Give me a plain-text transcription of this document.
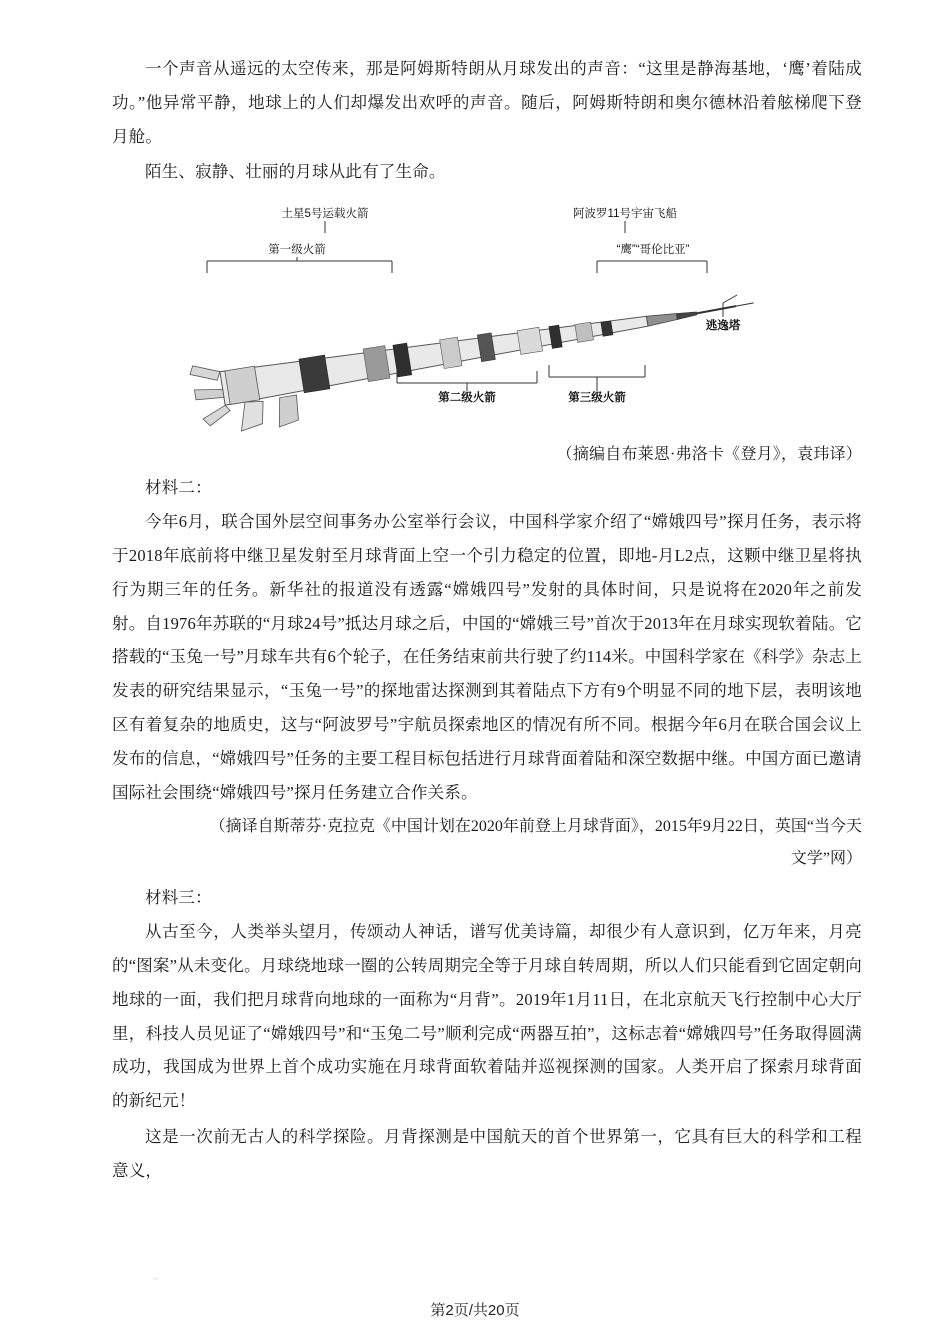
一个声音从遥远的太空传来，那是阿姆斯特朗从月球发出的声音：“这里是静海基地，‘鹰’着陆成功。”他异常平静，地球上的人们却爆发出欢呼的声音。随后，阿姆斯特朗和奥尔德林沿着舷梯爬下登月舱。

陌生、寂静、壮丽的月球从此有了生命。

土星5号运载火箭	阿波罗11号宇宙飞船
第一级火箭	“鹰”“哥伦比亚”
逃逸塔
第二级火箭	第三级火箭

（摘编自布莱恩·弗洛卡《登月》，袁玮译）

材料二：

今年6月，联合国外层空间事务办公室举行会议，中国科学家介绍了“嫦娥四号”探月任务，表示将于2018年底前将中继卫星发射至月球背面上空一个引力稳定的位置，即地-月L2点，这颗中继卫星将执行为期三年的任务。新华社的报道没有透露“嫦娥四号”发射的具体时间，只是说将在2020年之前发射。自1976年苏联的“月球24号”抵达月球之后，中国的“嫦娥三号”首次于2013年在月球实现软着陆。它搭载的“玉兔一号”月球车共有6个轮子，在任务结束前共行驶了约114米。中国科学家在《科学》杂志上发表的研究结果显示，“玉兔一号”的探地雷达探测到其着陆点下方有9个明显不同的地下层，表明该地区有着复杂的地质史，这与“阿波罗号”宇航员探索地区的情况有所不同。根据今年6月在联合国会议上发布的信息，“嫦娥四号”任务的主要工程目标包括进行月球背面着陆和深空数据中继。中国方面已邀请国际社会围绕“嫦娥四号”探月任务建立合作关系。

（摘译自斯蒂芬·克拉克《中国计划在2020年前登上月球背面》，2015年9月22日，英国“当今天
文学”网）

材料三：

从古至今，人类举头望月，传颂动人神话，谱写优美诗篇，却很少有人意识到，亿万年来，月亮的“图案”从未变化。月球绕地球一圈的公转周期完全等于月球自转周期，所以人们只能看到它固定朝向地球的一面，我们把月球背向地球的一面称为“月背”。2019年1月11日，在北京航天飞行控制中心大厅里，科技人员见证了“嫦娥四号”和“玉兔二号”顺利完成“两器互拍”，这标志着“嫦娥四号”任务取得圆满成功，我国成为世界上首个成功实施在月球背面软着陆并巡视探测的国家。人类开启了探索月球背面的新纪元！

这是一次前无古人的科学探险。月背探测是中国航天的首个世界第一，它具有巨大的科学和工程意义，

⌄
第2页/共20页
